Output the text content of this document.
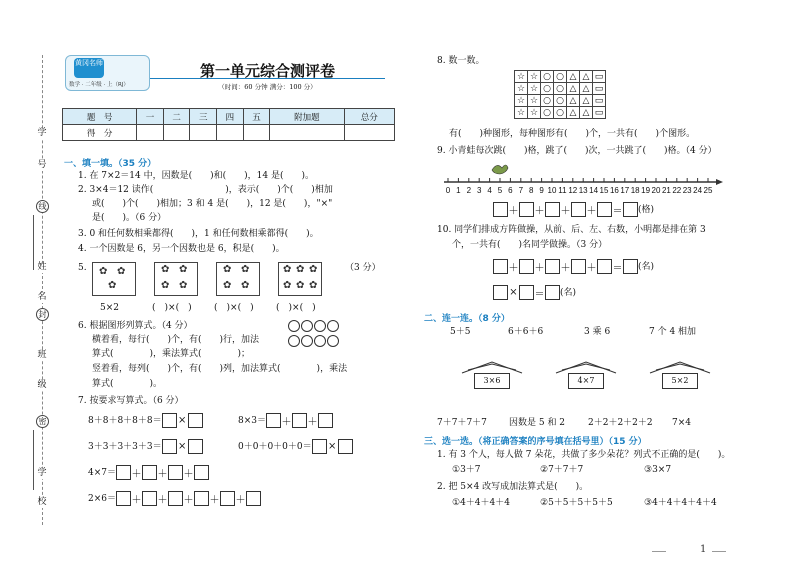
学
号
线
姓
名
封
班
级
密
学
校
黄冈名师
数学 · 二年级 · 上（RJ）
第一单元综合测评卷
（时间：60 分钟 满分：100 分）
题　号	一	二	三	四	五	附加题	总分
得　分							
一、填一填。（35 分）
1. 在 7×2＝14 中，因数是(　　)和(　　)，14 是(　　)。
2. 3×4＝12 读作(　　　　　　　　)，表示(　　)个(　　)相加
或(　　)个(　　)相加；3 和 4 是(　　)，12 是(　　)，"×"
是(　　)。（6 分）
3. 0 和任何数相乘都得(　　)，1 和任何数相乘都得(　　)。
4. 一个因数是 6，另一个因数也是 6，积是(　　)。
5.	（3 分）
✿ ✿
✿
✿ ✿
✿ ✿
✿ ✿
✿ ✿
✿ ✿ ✿
✿ ✿ ✿
5×2	(　)×(　) (　)×(　) (　)×(　)
6. 根据图形列算式。（4 分）
横着看，每行(　　)个，有(　　)行，加法
算式(　　　　)，乘法算式(　　　　)；
竖着看，每列(　　)个，有(　　)列，加法算式(　　　　)，乘法
算式(　　　　)。

7. 按要求写算式。（6 分）
8＋8＋8＋8＋8＝ ×	8×3＝ ＋ ＋
3＋3＋3＋3＋3＝ ×	0＋0＋0＋0＋0＝ ×
4×7＝ ＋ ＋ ＋
2×6＝ ＋ ＋ ＋ ＋ ＋
8. 数一数。
☆	☆	○	○	△	△	▭
☆	☆	○	○	△	△	▭
☆	☆	○	○	△	△	▭
☆	☆	○	○	△	△	▭
有(　　)种图形，每种图形有(　　)个，一共有(　　)个图形。
9. 小青蛙每次跳(　　)格，跳了(　　)次，一共跳了(　　)格。（4 分）
0 1 2 3 4 5 6 7 8 9 10 11 12 13 14 15 16 17 18 19 20 21 22 23 24 25
＋ ＋ ＋ ＋ ＝ (格)
10. 同学们排成方阵做操，从前、后、左、右数，小明都是排在第 3
个，一共有(　　)名同学做操。（3 分）
＋ ＋ ＋ ＋ ＝ (名)
× ＝ (名)
二、连一连。（8 分）
5＋5	6＋6＋6	3 乘 6	7 个 4 相加
3×6	4×7	5×2
7＋7＋7＋7 因数是 5 和 2	2＋2＋2＋2＋2 7×4
三、选一选。（将正确答案的序号填在括号里）（15 分）
1. 有 3 个人，每人做 7 朵花，共做了多少朵花？列式不正确的是(　　)。
①3＋7	②7＋7＋7	③3×7
2. 把 5×4 改写成加法算式是(　　)。
①4＋4＋4＋4	②5＋5＋5＋5＋5	③4＋4＋4＋4＋4
1
